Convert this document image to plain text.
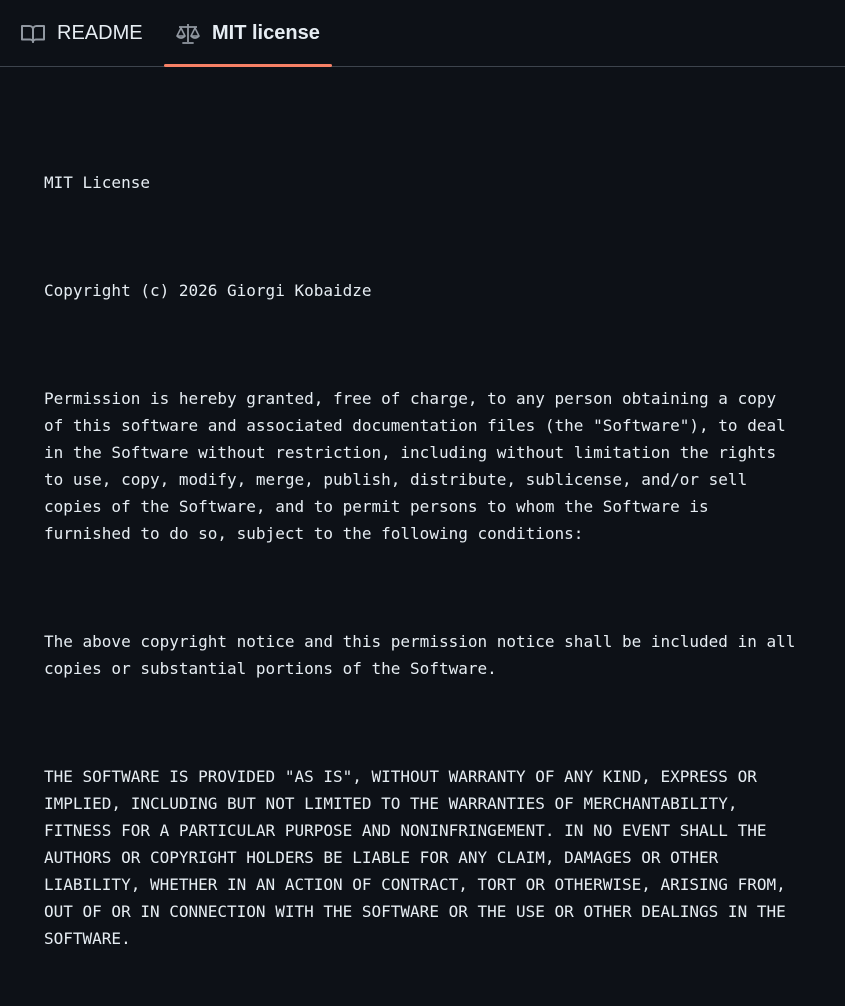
README	MIT license

MIT License

Copyright (c) 2026 Giorgi Kobaidze

Permission is hereby granted, free of charge, to any person obtaining a copy
of this software and associated documentation files (the "Software"), to deal
in the Software without restriction, including without limitation the rights
to use, copy, modify, merge, publish, distribute, sublicense, and/or sell
copies of the Software, and to permit persons to whom the Software is
furnished to do so, subject to the following conditions:

The above copyright notice and this permission notice shall be included in all
copies or substantial portions of the Software.

THE SOFTWARE IS PROVIDED "AS IS", WITHOUT WARRANTY OF ANY KIND, EXPRESS OR
IMPLIED, INCLUDING BUT NOT LIMITED TO THE WARRANTIES OF MERCHANTABILITY,
FITNESS FOR A PARTICULAR PURPOSE AND NONINFRINGEMENT. IN NO EVENT SHALL THE
AUTHORS OR COPYRIGHT HOLDERS BE LIABLE FOR ANY CLAIM, DAMAGES OR OTHER
LIABILITY, WHETHER IN AN ACTION OF CONTRACT, TORT OR OTHERWISE, ARISING FROM,
OUT OF OR IN CONNECTION WITH THE SOFTWARE OR THE USE OR OTHER DEALINGS IN THE
SOFTWARE.
